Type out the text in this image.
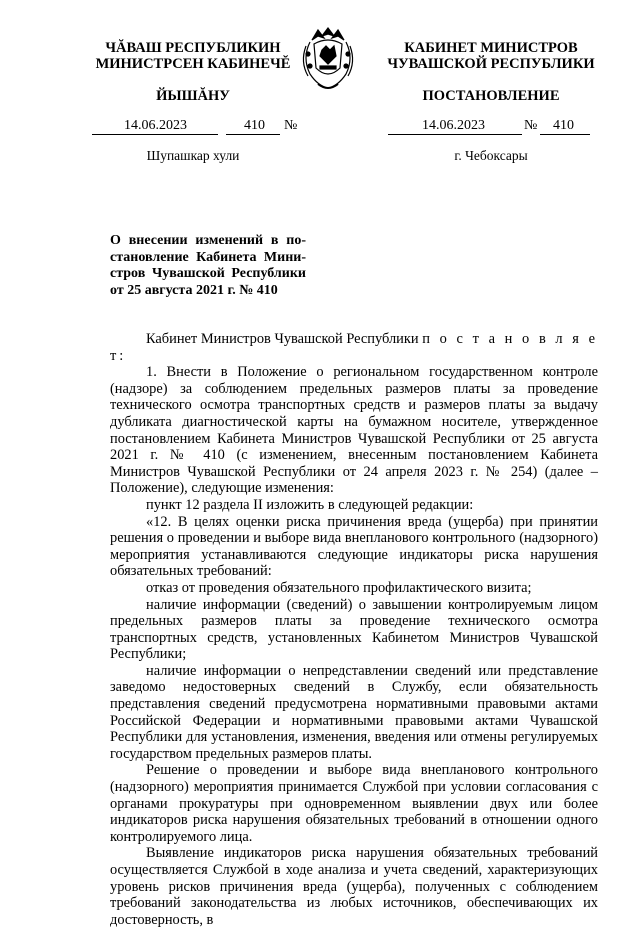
ЧĂВАШ РЕСПУБЛИКИН
МИНИСТРСЕН КАБИНЕЧĔ
ЙЫШĂНУ
КАБИНЕТ МИНИСТРОВ
ЧУВАШСКОЙ РЕСПУБЛИКИ
ПОСТАНОВЛЕНИЕ
14.06.2023	410 №	14.06.2023	№ 410
Шупашкар хули	г. Чебоксары
О внесении изменений в по-становление Кабинета Мини-стров Чувашской Республики от 25 августа 2021 г. № 410

Кабинет Министров Чувашской Республики п о с т а н о в л я е т:

1. Внести в Положение о региональном государственном контроле (надзоре) за соблюдением предельных размеров платы за проведение технического осмотра транспортных средств и размеров платы за выдачу дубликата диагностической карты на бумажном носителе, утвержденное постановлением Кабинета Министров Чувашской Республики от 25 августа 2021 г. № 410 (с изменением, внесенным постановлением Кабинета Министров Чувашской Республики от 24 апреля 2023 г. № 254) (далее – Положение), следующие изменения:

пункт 12 раздела II изложить в следующей редакции:

«12. В целях оценки риска причинения вреда (ущерба) при принятии решения о проведении и выборе вида внепланового контрольного (надзорного) мероприятия устанавливаются следующие индикаторы риска нарушения обязательных требований:

отказ от проведения обязательного профилактического визита;

наличие информации (сведений) о завышении контролируемым лицом предельных размеров платы за проведение технического осмотра транспортных средств, установленных Кабинетом Министров Чувашской Республики;

наличие информации о непредставлении сведений или представление заведомо недостоверных сведений в Службу, если обязательность представления сведений предусмотрена нормативными правовыми актами Российской Федерации и нормативными правовыми актами Чувашской Республики для установления, изменения, введения или отмены регулируемых государством предельных размеров платы.

Решение о проведении и выборе вида внепланового контрольного (надзорного) мероприятия принимается Службой при условии согласования с органами прокуратуры при одновременном выявлении двух или более индикаторов риска нарушения обязательных требований в отношении одного контролируемого лица.

Выявление индикаторов риска нарушения обязательных требований осуществляется Службой в ходе анализа и учета сведений, характеризующих уровень рисков причинения вреда (ущерба), полученных с соблюдением требований законодательства из любых источников, обеспечивающих их достоверность, в
